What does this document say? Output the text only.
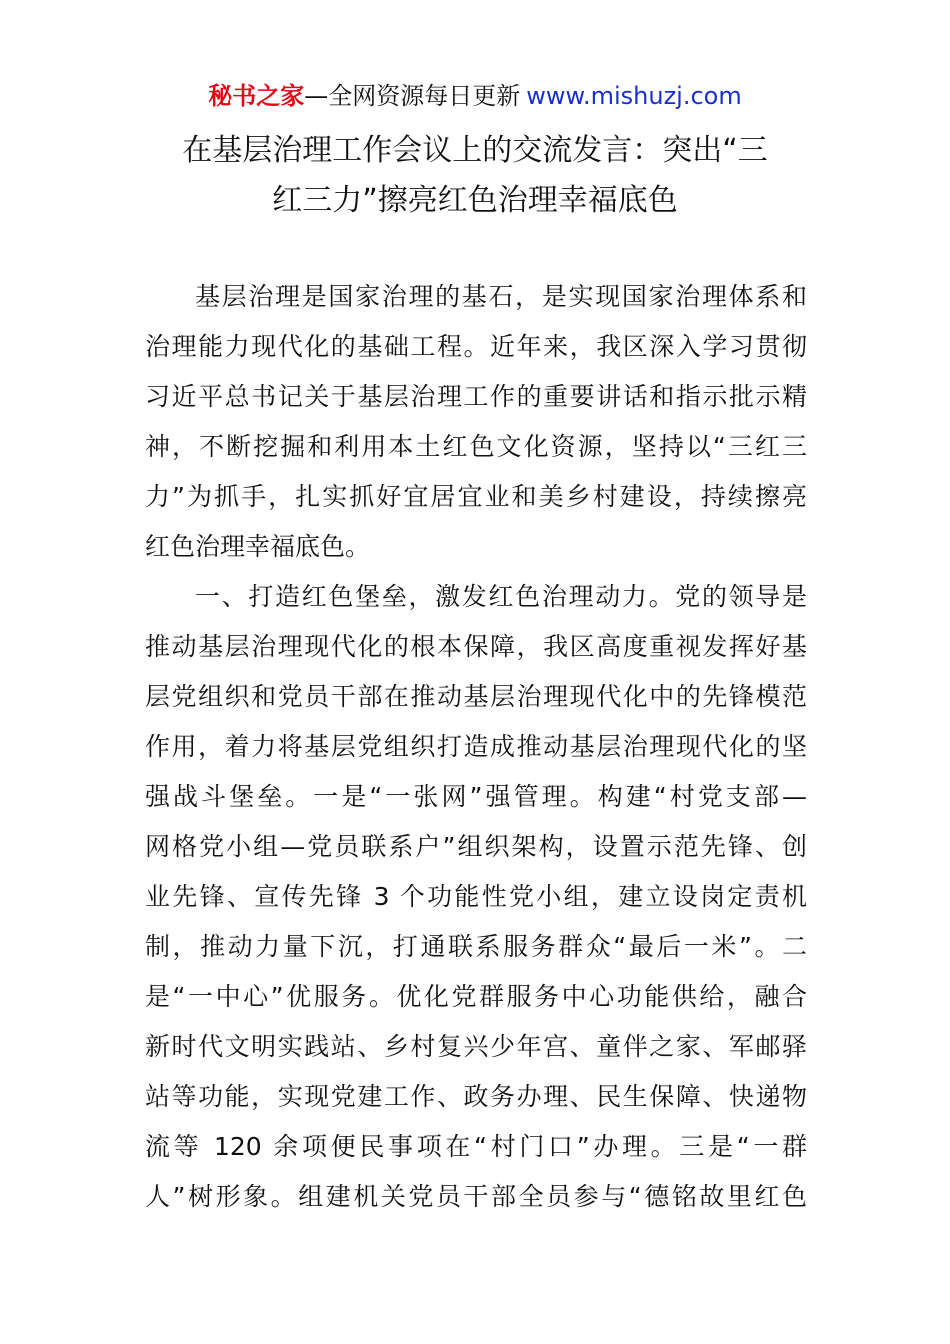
秘书之家—全网资源每日更新 www.mishuzj.com
在基层治理工作会议上的交流发言：突出“三
红三力”擦亮红色治理幸福底色
基层治理是国家治理的基石，是实现国家治理体系和
治理能力现代化的基础工程。近年来，我区深入学习贯彻
习近平总书记关于基层治理工作的重要讲话和指示批示精
神，不断挖掘和利用本土红色文化资源，坚持以“三红三
力”为抓手，扎实抓好宜居宜业和美乡村建设，持续擦亮
红色治理幸福底色。
一、打造红色堡垒，激发红色治理动力。党的领导是
推动基层治理现代化的根本保障，我区高度重视发挥好基
层党组织和党员干部在推动基层治理现代化中的先锋模范
作用，着力将基层党组织打造成推动基层治理现代化的坚
强战斗堡垒。一是“一张网”强管理。构建“村党支部—
网格党小组—党员联系户”组织架构，设置示范先锋、创
业先锋、宣传先锋 3 个功能性党小组，建立设岗定责机
制，推动力量下沉，打通联系服务群众“最后一米”。二
是“一中心”优服务。优化党群服务中心功能供给，融合
新时代文明实践站、乡村复兴少年宫、童伴之家、军邮驿
站等功能，实现党建工作、政务办理、民生保障、快递物
流等 120 余项便民事项在“村门口”办理。三是“一群
人”树形象。组建机关党员干部全员参与“德铭故里红色
